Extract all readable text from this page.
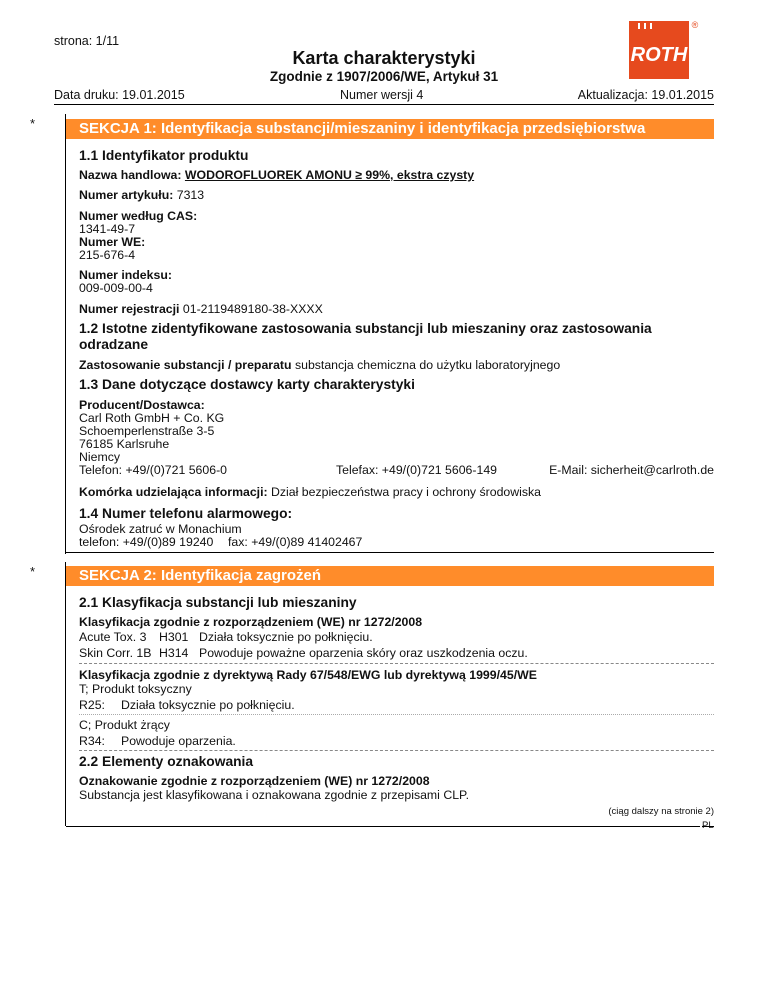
strona: 1/11
Karta charakterystyki
Zgodnie z 1907/2006/WE, Artykuł 31
ROTH
®
Data druku: 19.01.2015	Numer wersji 4	Aktualizacja: 19.01.2015
*	SEKCJA 1: Identyfikacja substancji/mieszaniny i identyfikacja przedsiębiorstwa
1.1 Identyfikator produktu
Nazwa handlowa: WODOROFLUOREK AMONU ≥ 99%, ekstra czysty
Numer artykułu: 7313
Numer według CAS:
1341-49-7
Numer WE:
215-676-4
Numer indeksu:
009-009-00-4
Numer rejestracji 01-2119489180-38-XXXX
1.2 Istotne zidentyfikowane zastosowania substancji lub mieszaniny oraz zastosowania
odradzane
Zastosowanie substancji / preparatu substancja chemiczna do użytku laboratoryjnego
1.3 Dane dotyczące dostawcy karty charakterystyki
Producent/Dostawca:
Carl Roth GmbH + Co. KG
Schoemperlenstraße 3-5
76185 Karlsruhe
Niemcy
Telefon: +49/(0)721 5606-0	Telefax: +49/(0)721 5606-149	E-Mail: sicherheit@carlroth.de
Komórka udzielająca informacji: Dział bezpieczeństwa pracy i ochrony środowiska
1.4 Numer telefonu alarmowego:
Ośrodek zatruć w Monachium
telefon: +49/(0)89 19240 fax: +49/(0)89 41402467
*	SEKCJA 2: Identyfikacja zagrożeń
2.1 Klasyfikacja substancji lub mieszaniny
Klasyfikacja zgodnie z rozporządzeniem (WE) nr 1272/2008
Acute Tox. 3 H301 Działa toksycznie po połknięciu.
Skin Corr. 1B H314 Powoduje poważne oparzenia skóry oraz uszkodzenia oczu.
Klasyfikacja zgodnie z dyrektywą Rady 67/548/EWG lub dyrektywą 1999/45/WE
T; Produkt toksyczny
R25: Działa toksycznie po połknięciu.
C; Produkt żrący
R34: Powoduje oparzenia.
2.2 Elementy oznakowania
Oznakowanie zgodnie z rozporządzeniem (WE) nr 1272/2008
Substancja jest klasyfikowana i oznakowana zgodnie z przepisami CLP.
(ciąg dalszy na stronie 2)
PL
